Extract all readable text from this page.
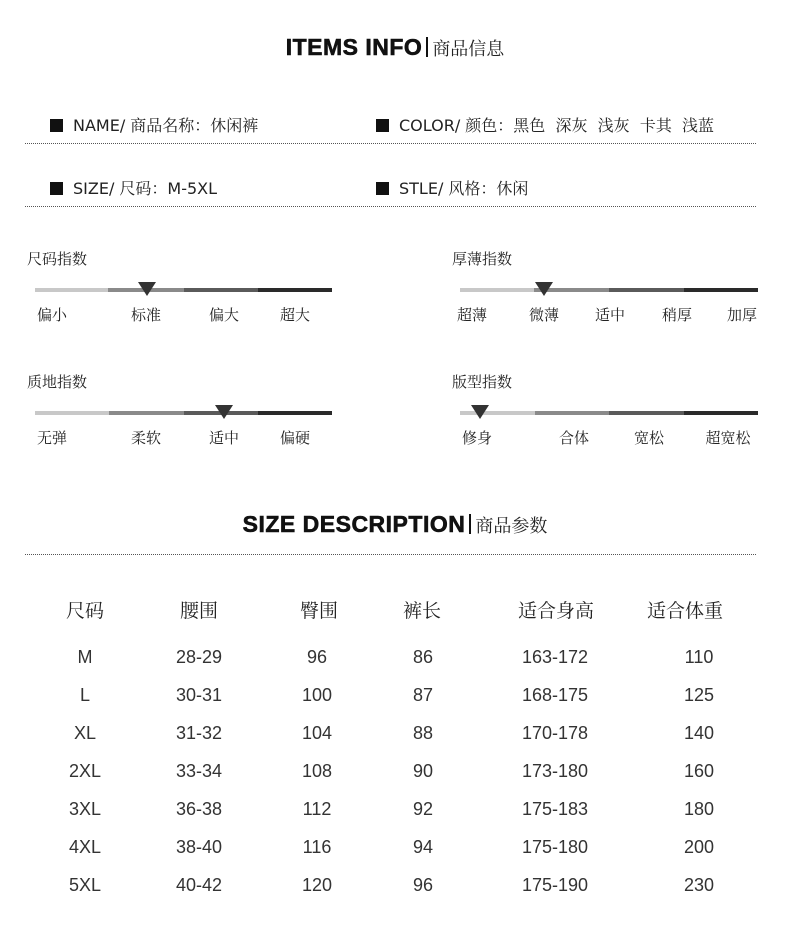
ITEMS INFO 商品信息
NAME/ 商品名称：休闲裤	COLOR/ 颜色：黑色  深灰  浅灰  卡其  浅蓝
SIZE/ 尺码：M-5XL	STLE/ 风格：休闲
尺码指数
偏小	标准	偏大	超大
厚薄指数
超薄	微薄 适中 稍厚 加厚
质地指数
无弹	柔软	适中	偏硬
版型指数
修身	合体	宽松	超宽松
SIZE DESCRIPTION 商品参数
尺码	腰围	臀围	裤长	适合身高	适合体重
M	28-29	96	86	163-172	110
L	30-31	100	87	168-175	125
XL	31-32	104	88	170-178	140
2XL	33-34	108	90	173-180	160
3XL	36-38	112	92	175-183	180
4XL	38-40	116	94	175-180	200
5XL	40-42	120	96	175-190	230
